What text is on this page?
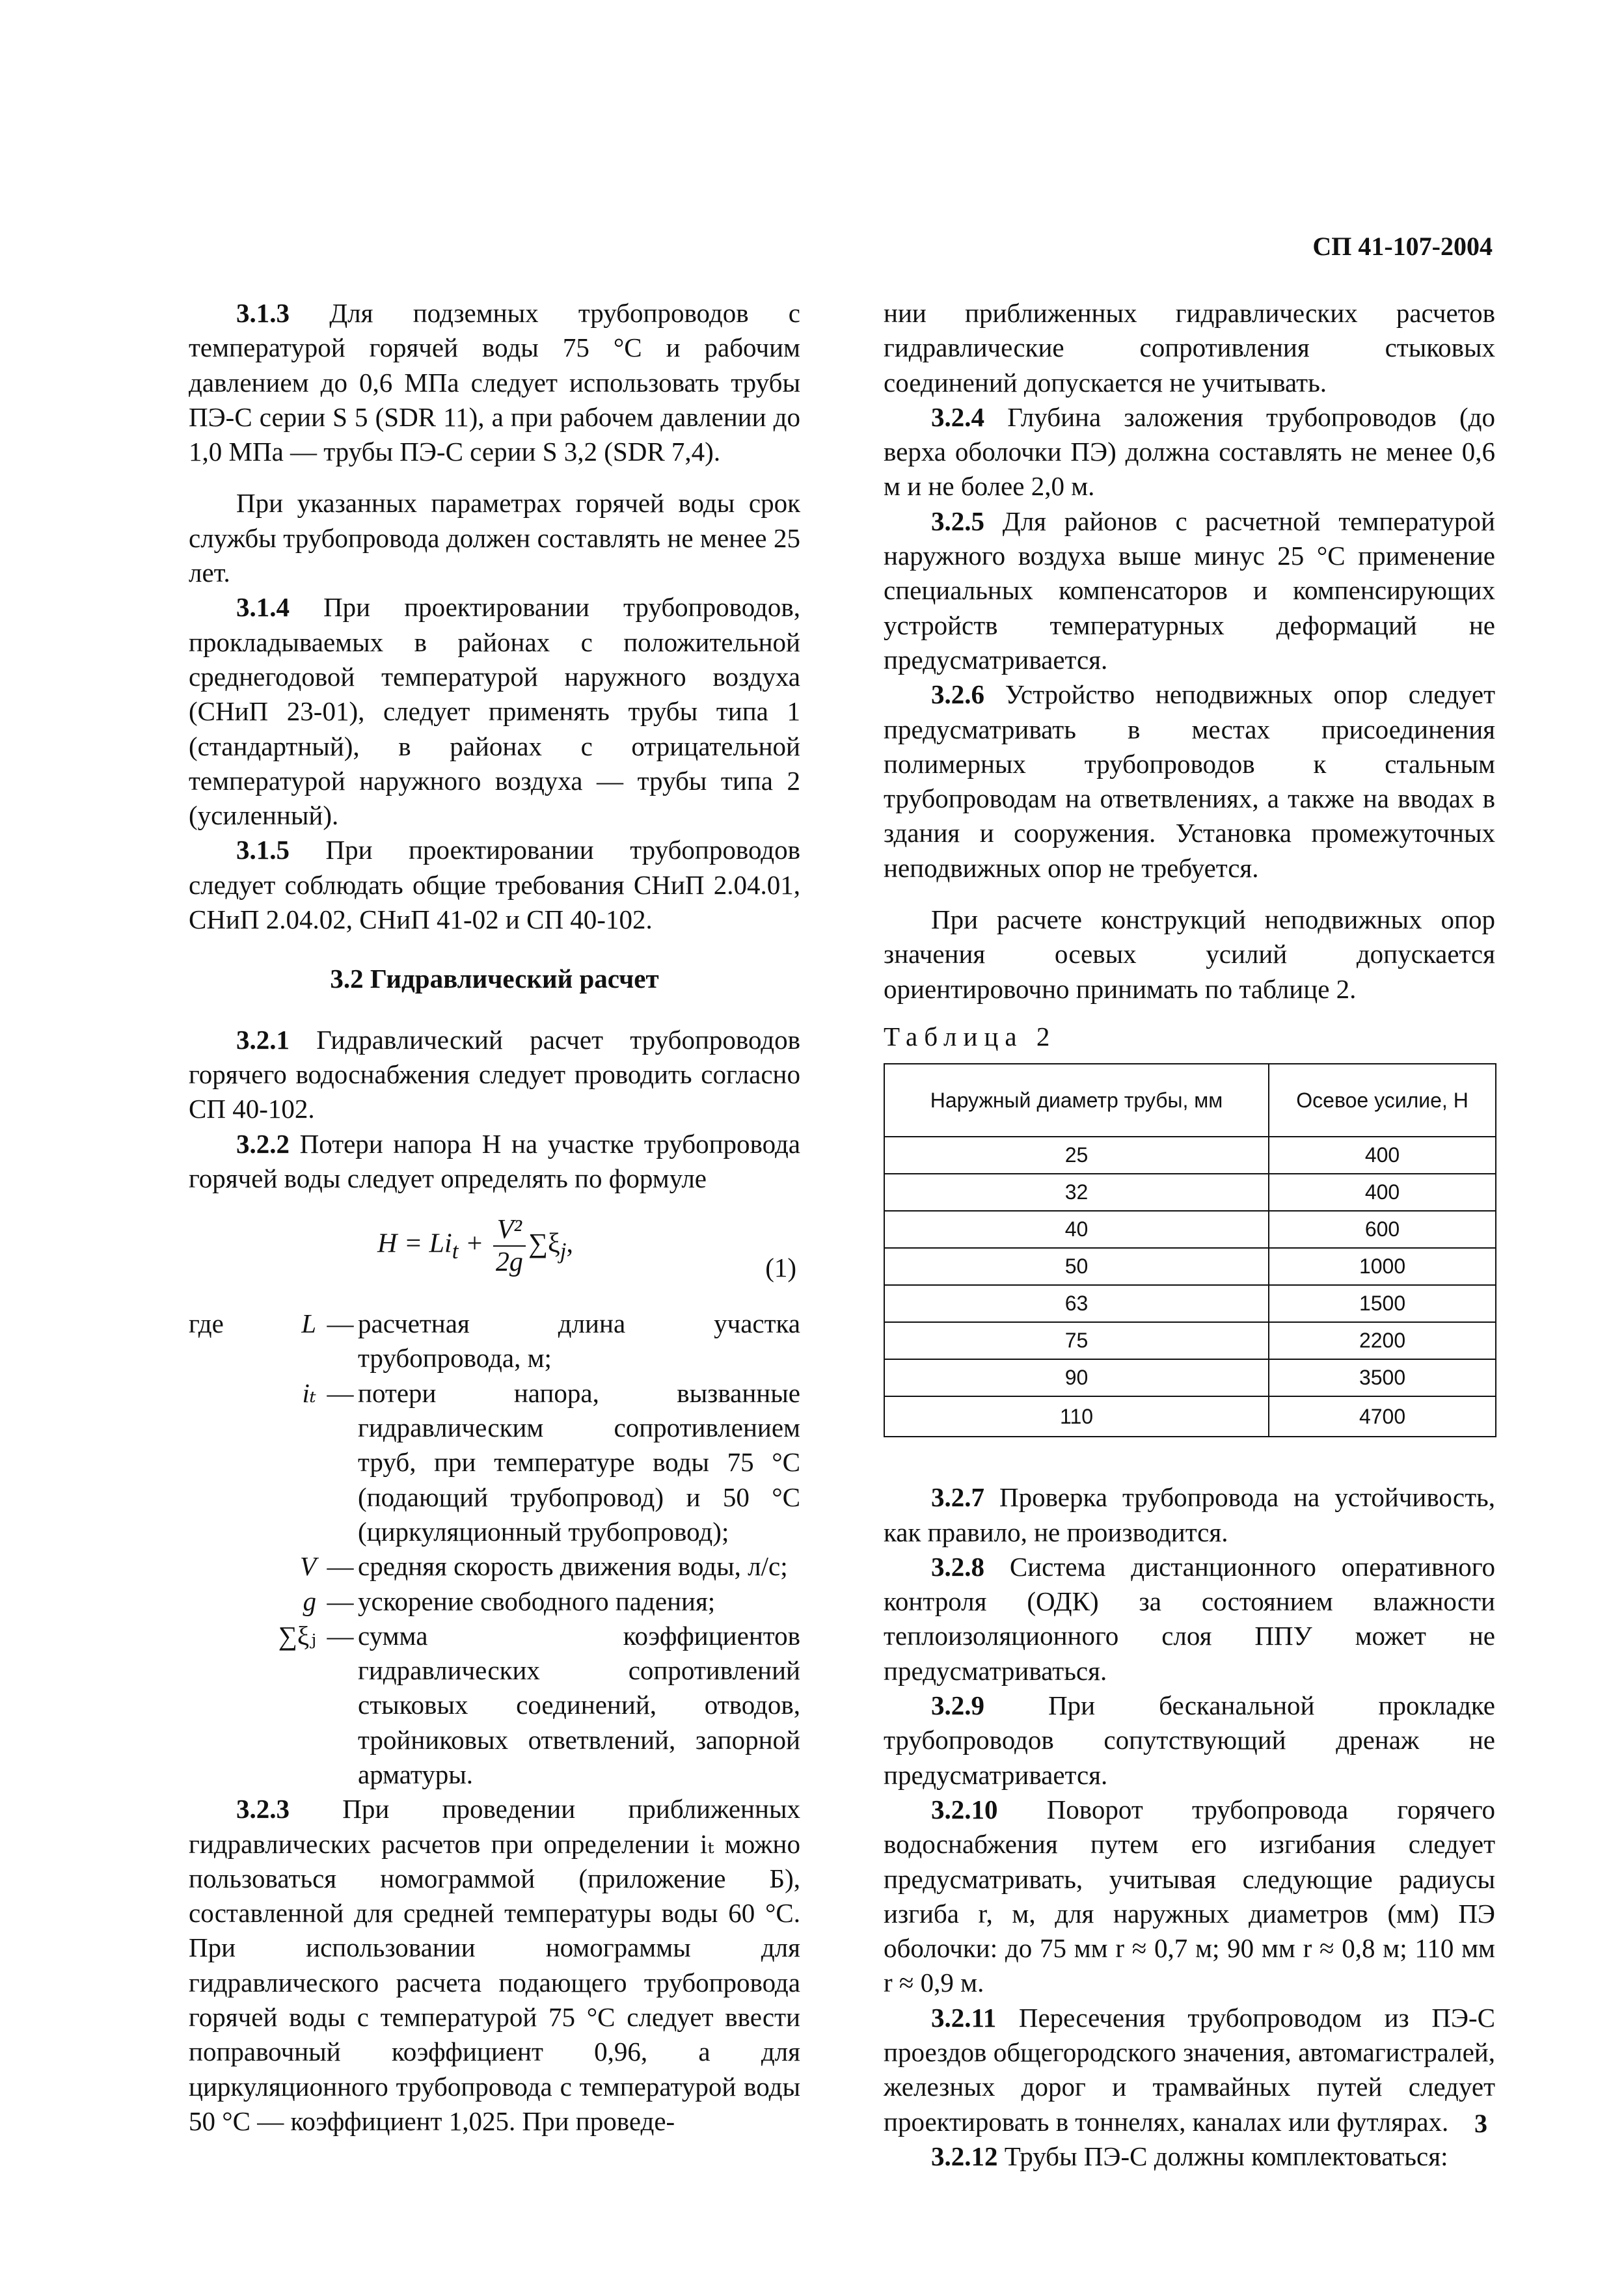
СП 41-107-2004

3.1.3 Для подземных трубопроводов с температурой горячей воды 75 °С и рабочим давлением до 0,6 МПа следует использовать трубы ПЭ-С серии S 5 (SDR 11), а при рабочем давлении до 1,0 МПа — трубы ПЭ-С серии S 3,2 (SDR 7,4).

При указанных параметрах горячей воды срок службы трубопровода должен составлять не менее 25 лет.

3.1.4 При проектировании трубопроводов, прокладываемых в районах с положительной среднегодовой температурой наружного воздуха (СНиП 23-01), следует применять трубы типа 1 (стандартный), в районах с отрицательной температурой наружного воздуха — трубы типа 2 (усиленный).

3.1.5 При проектировании трубопроводов следует соблюдать общие требования СНиП 2.04.01, СНиП 2.04.02, СНиП 41-02 и СП 40-102.

3.2 Гидравлический расчет

3.2.1 Гидравлический расчет трубопроводов горячего водоснабжения следует проводить согласно СП 40-102.

3.2.2 Потери напора H на участке трубопровода горячей воды следует определять по формуле

$H = Li_t + \frac{\text{V²}}{2g} \sum\xi_j$,
(1)
где	L	—	расчетная длина участка трубопровода, м;
	iₜ	—	потери напора, вызванные гидравлическим сопротивлением труб, при температуре воды 75 °С (подающий трубопровод) и 50 °С (циркуляционный трубопровод);
	V	—	средняя скорость движения воды, л/с;
	g	—	ускорение свободного падения;
	∑ξⱼ	—	сумма коэффициентов гидравлических сопротивлений стыковых соединений, отводов, тройниковых ответвлений, запорной арматуры.

3.2.3 При проведении приближенных гидравлических расчетов при определении iₜ можно пользоваться номограммой (приложение Б), составленной для средней температуры воды 60 °С. При использовании номограммы для гидравлического расчета подающего трубопровода горячей воды с температурой 75 °С следует ввести поправочный коэффициент 0,96, а для циркуляционного трубопровода с температурой воды 50 °С — коэффициент 1,025. При проведе-

нии приближенных гидравлических расчетов гидравлические сопротивления стыковых соединений допускается не учитывать.

3.2.4 Глубина заложения трубопроводов (до верха оболочки ПЭ) должна составлять не менее 0,6 м и не более 2,0 м.

3.2.5 Для районов с расчетной температурой наружного воздуха выше минус 25 °С применение специальных компенсаторов и компенсирующих устройств температурных деформаций не предусматривается.

3.2.6 Устройство неподвижных опор следует предусматривать в местах присоединения полимерных трубопроводов к стальным трубопроводам на ответвлениях, а также на вводах в здания и сооружения. Установка промежуточных неподвижных опор не требуется.

При расчете конструкций неподвижных опор значения осевых усилий допускается ориентировочно принимать по таблице 2.

Таблица 2
Наружный диаметр трубы, мм	Осевое усилие, Н
25	400
32	400
40	600
50	1000
63	1500
75	2200
90	3500
110	4700

3.2.7 Проверка трубопровода на устойчивость, как правило, не производится.

3.2.8 Система дистанционного оперативного контроля (ОДК) за состоянием влажности теплоизоляционного слоя ППУ может не предусматриваться.

3.2.9 При бесканальной прокладке трубопроводов сопутствующий дренаж не предусматривается.

3.2.10 Поворот трубопровода горячего водоснабжения путем его изгибания следует предусматривать, учитывая следующие радиусы изгиба r, м, для наружных диаметров (мм) ПЭ оболочки: до 75 мм r ≈ 0,7 м; 90 мм r ≈ 0,8 м; 110 мм r ≈ 0,9 м.

3.2.11 Пересечения трубопроводом из ПЭ-С проездов общегородского значения, автомагистралей, железных дорог и трамвайных путей следует проектировать в тоннелях, каналах или футлярах.

3.2.12 Трубы ПЭ-С должны комплектоваться:

3
